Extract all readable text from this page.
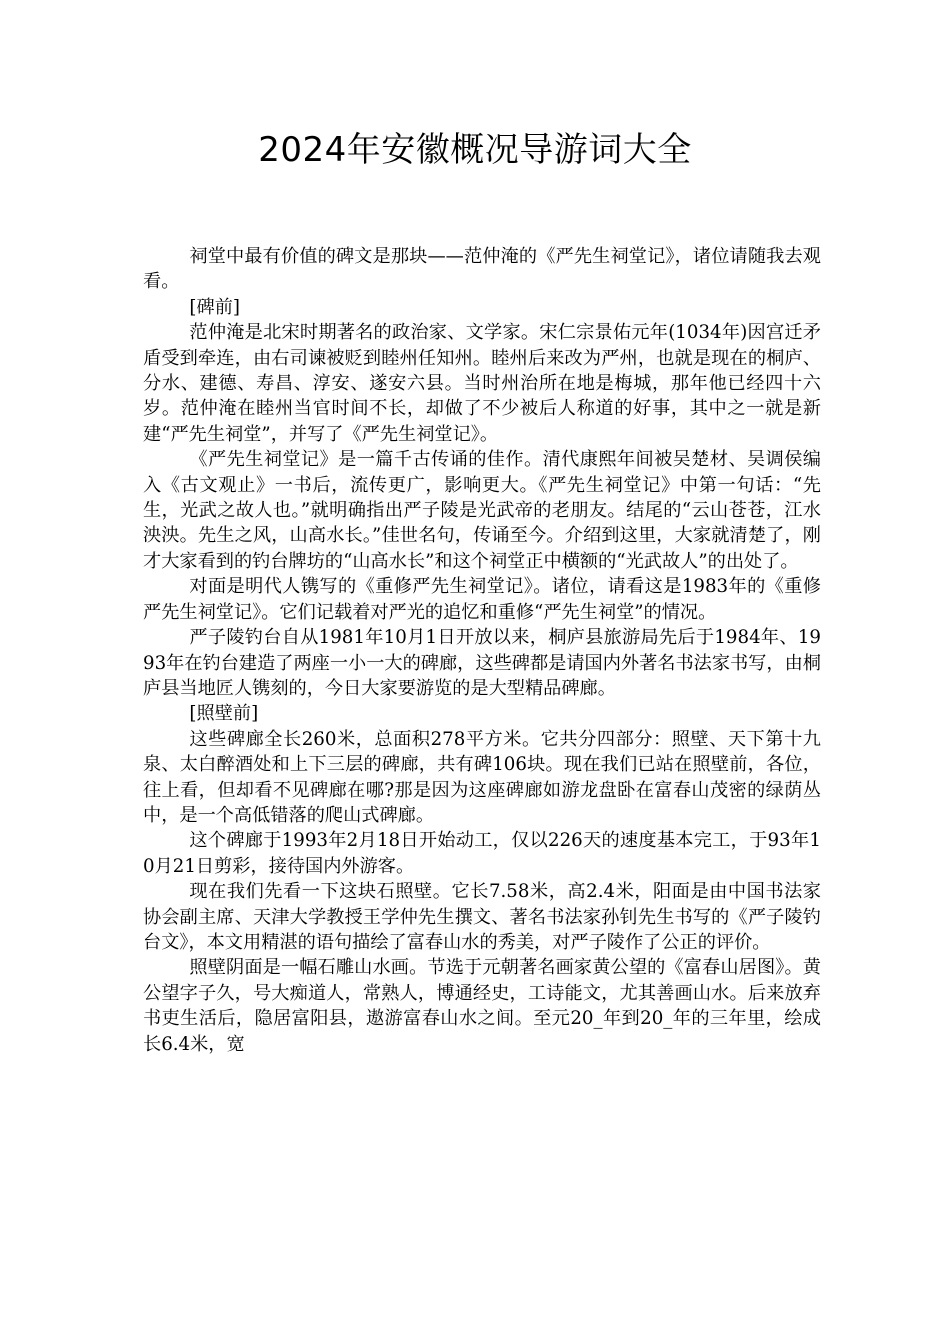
2024年安徽概况导游词大全

祠堂中最有价值的碑文是那块——范仲淹的《严先生祠堂记》，诸位请随我去观看。

[碑前]

范仲淹是北宋时期著名的政治家、文学家。宋仁宗景佑元年(1034年)因宫迁矛盾受到牵连，由右司谏被贬到睦州任知州。睦州后来改为严州，也就是现在的桐庐、分水、建德、寿昌、淳安、遂安六县。当时州治所在地是梅城，那年他已经四十六岁。范仲淹在睦州当官时间不长，却做了不少被后人称道的好事，其中之一就是新建“严先生祠堂”，并写了《严先生祠堂记》。

《严先生祠堂记》是一篇千古传诵的佳作。清代康熙年间被吴楚材、吴调侯编入《古文观止》一书后，流传更广，影响更大。《严先生祠堂记》中第一句话：“先生，光武之故人也。”就明确指出严子陵是光武帝的老朋友。结尾的“云山苍苍，江水泱泱。先生之风，山高水长。”佳世名句，传诵至今。介绍到这里，大家就清楚了，刚才大家看到的钓台牌坊的“山高水长”和这个祠堂正中横额的“光武故人”的出处了。

对面是明代人镌写的《重修严先生祠堂记》。诸位，请看这是1983年的《重修严先生祠堂记》。它们记载着对严光的追忆和重修“严先生祠堂”的情况。

严子陵钓台自从1981年10月1日开放以来，桐庐县旅游局先后于1984年、1993年在钓台建造了两座一小一大的碑廊，这些碑都是请国内外著名书法家书写，由桐庐县当地匠人镌刻的，今日大家要游览的是大型精品碑廊。

[照壁前]

这些碑廊全长260米，总面积278平方米。它共分四部分：照壁、天下第十九泉、太白醉酒处和上下三层的碑廊，共有碑106块。现在我们已站在照壁前，各位，往上看，但却看不见碑廊在哪?那是因为这座碑廊如游龙盘卧在富春山茂密的绿荫丛中，是一个高低错落的爬山式碑廊。

这个碑廊于1993年2月18日开始动工，仅以226天的速度基本完工，于93年10月21日剪彩，接待国内外游客。

现在我们先看一下这块石照壁。它长7.58米，高2.4米，阳面是由中国书法家协会副主席、天津大学教授王学仲先生撰文、著名书法家孙钊先生书写的《严子陵钓台文》，本文用精湛的语句描绘了富春山水的秀美，对严子陵作了公正的评价。

照壁阴面是一幅石雕山水画。节选于元朝著名画家黄公望的《富春山居图》。黄公望字子久，号大痴道人，常熟人，博通经史，工诗能文，尤其善画山水。后来放弃书吏生活后，隐居富阳县，遨游富春山水之间。至元20_年到20_年的三年里，绘成长6.4米，宽
